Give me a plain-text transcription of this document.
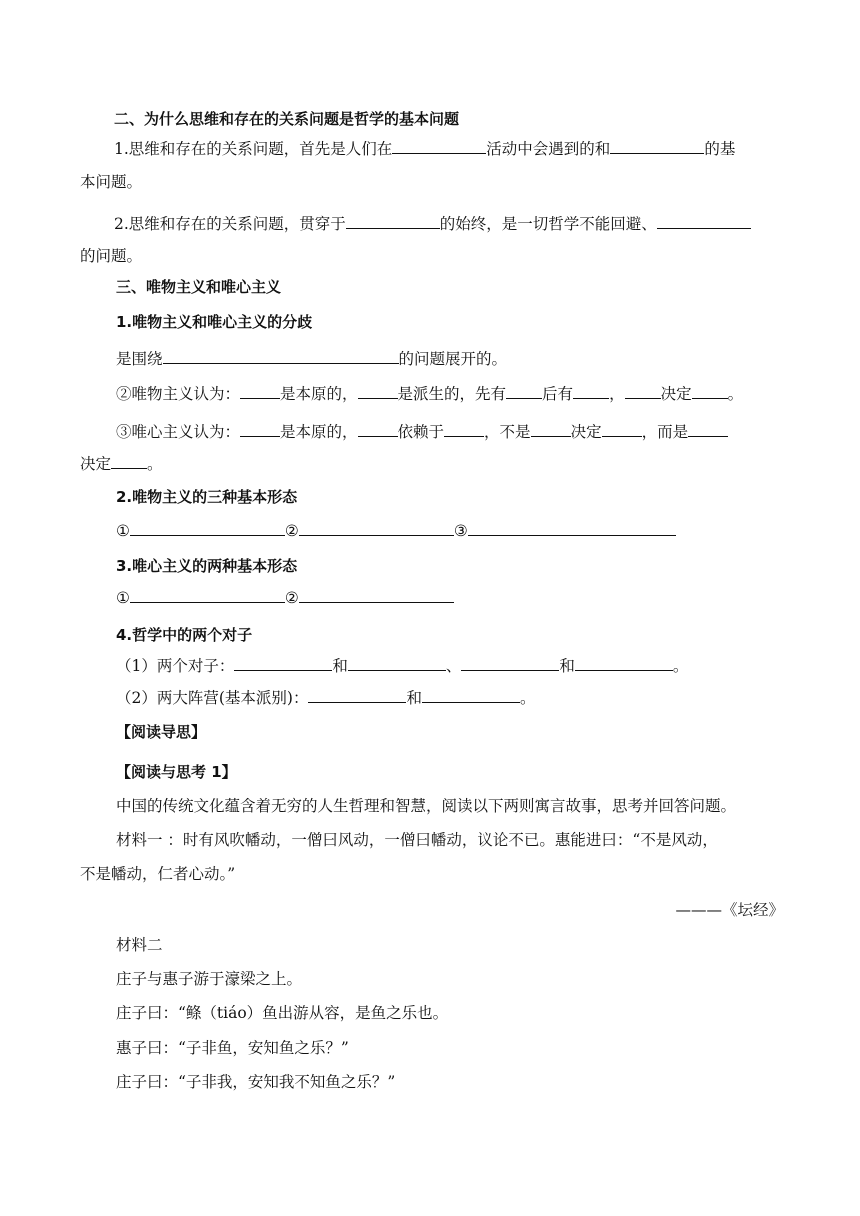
二、为什么思维和存在的关系问题是哲学的基本问题
1.思维和存在的关系问题，首先是人们在	活动中会遇到的和	的基
本问题。
2.思维和存在的关系问题，贯穿于	的始终，是一切哲学不能回避、
的问题。
三、唯物主义和唯心主义
1.唯物主义和唯心主义的分歧
是围绕	的问题展开的。
②唯物主义认为：	是本原的，	是派生的，先有 后有 ， 决定 。
③唯心主义认为：	是本原的，	依赖于	，不是	决定	，而是
决定 。
2.唯物主义的三种基本形态
①	②	③
3.唯心主义的两种基本形态
①	②
4.哲学中的两个对子
（1）两个对子：	和	、	和	。
（2）两大阵营(基本派别)：	和	。
【阅读导思】
【阅读与思考 1】
中国的传统文化蕴含着无穷的人生哲理和智慧，阅读以下两则寓言故事，思考并回答问题。
材料一 ：时有风吹幡动，一僧曰风动，一僧曰幡动，议论不已。惠能进曰：“不是风动，
不是幡动，仁者心动。”
———《坛经》
材料二
庄子与惠子游于濠梁之上。
庄子曰：“鲦（tiáo）鱼出游从容，是鱼之乐也。
惠子曰：“子非鱼，安知鱼之乐？”
庄子曰：“子非我，安知我不知鱼之乐？”
